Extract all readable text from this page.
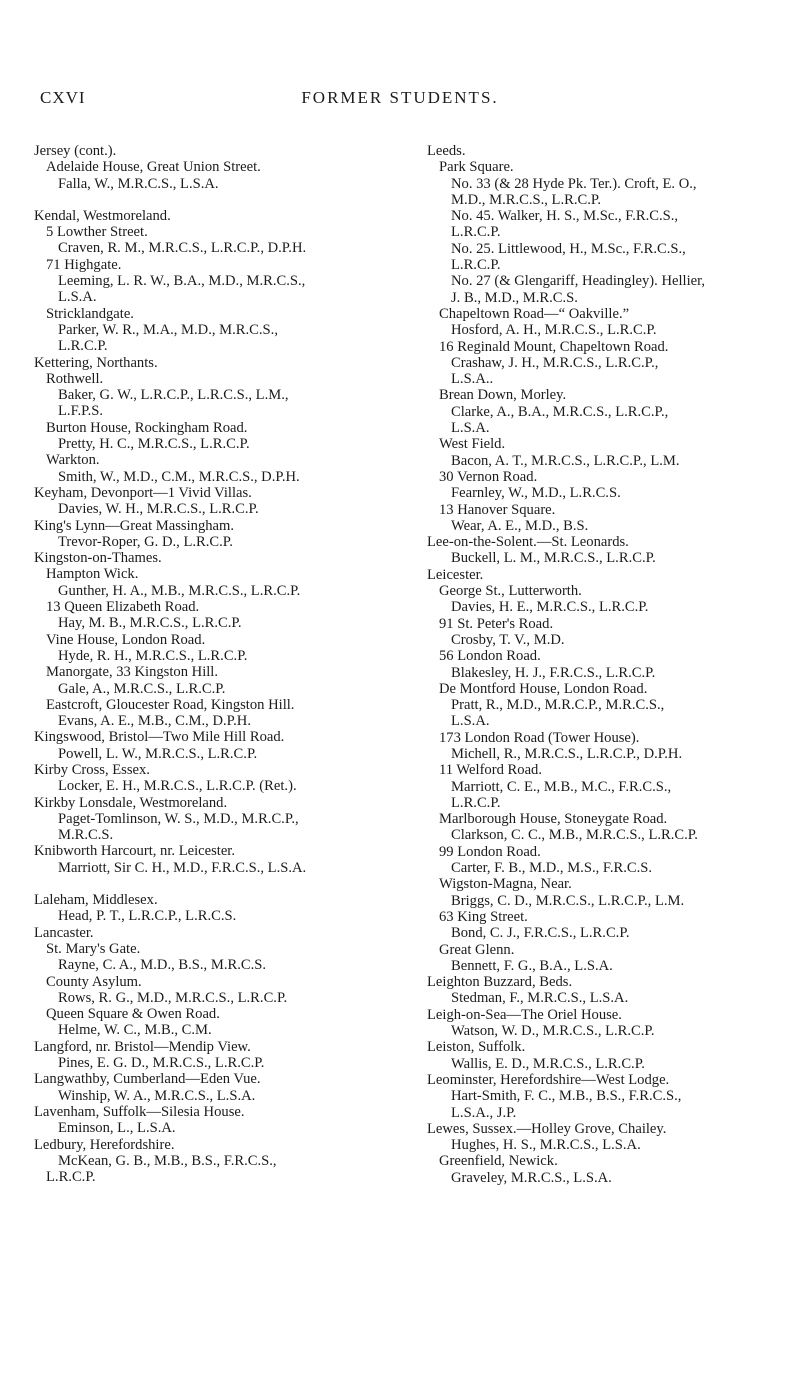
CXVI	FORMER STUDENTS.
Jersey (cont.).
Adelaide House, Great Union Street.
Falla, W., M.R.C.S., L.S.A.
Kendal, Westmoreland.
5 Lowther Street.
Craven, R. M., M.R.C.S., L.R.C.P., D.P.H.
71 Highgate.
Leeming, L. R. W., B.A., M.D., M.R.C.S.,
L.S.A.
Stricklandgate.
Parker, W. R., M.A., M.D., M.R.C.S.,
L.R.C.P.
Kettering, Northants.
Rothwell.
Baker, G. W., L.R.C.P., L.R.C.S., L.M.,
L.F.P.S.
Burton House, Rockingham Road.
Pretty, H. C., M.R.C.S., L.R.C.P.
Warkton.
Smith, W., M.D., C.M., M.R.C.S., D.P.H.
Keyham, Devonport—1 Vivid Villas.
Davies, W. H., M.R.C.S., L.R.C.P.
King's Lynn—Great Massingham.
Trevor-Roper, G. D., L.R.C.P.
Kingston-on-Thames.
Hampton Wick.
Gunther, H. A., M.B., M.R.C.S., L.R.C.P.
13 Queen Elizabeth Road.
Hay, M. B., M.R.C.S., L.R.C.P.
Vine House, London Road.
Hyde, R. H., M.R.C.S., L.R.C.P.
Manorgate, 33 Kingston Hill.
Gale, A., M.R.C.S., L.R.C.P.
Eastcroft, Gloucester Road, Kingston Hill.
Evans, A. E., M.B., C.M., D.P.H.
Kingswood, Bristol—Two Mile Hill Road.
Powell, L. W., M.R.C.S., L.R.C.P.
Kirby Cross, Essex.
Locker, E. H., M.R.C.S., L.R.C.P. (Ret.).
Kirkby Lonsdale, Westmoreland.
Paget-Tomlinson, W. S., M.D., M.R.C.P.,
M.R.C.S.
Knibworth Harcourt, nr. Leicester.
Marriott, Sir C. H., M.D., F.R.C.S., L.S.A.
Laleham, Middlesex.
Head, P. T., L.R.C.P., L.R.C.S.
Lancaster.
St. Mary's Gate.
Rayne, C. A., M.D., B.S., M.R.C.S.
County Asylum.
Rows, R. G., M.D., M.R.C.S., L.R.C.P.
Queen Square & Owen Road.
Helme, W. C., M.B., C.M.
Langford, nr. Bristol—Mendip View.
Pines, E. G. D., M.R.C.S., L.R.C.P.
Langwathby, Cumberland—Eden Vue.
Winship, W. A., M.R.C.S., L.S.A.
Lavenham, Suffolk—Silesia House.
Eminson, L., L.S.A.
Ledbury, Herefordshire.
McKean, G. B., M.B., B.S., F.R.C.S.,
L.R.C.P.
Leeds.
Park Square.
No. 33 (& 28 Hyde Pk. Ter.). Croft, E. O.,
M.D., M.R.C.S., L.R.C.P.
No. 45. Walker, H. S., M.Sc., F.R.C.S.,
L.R.C.P.
No. 25. Littlewood, H., M.Sc., F.R.C.S.,
L.R.C.P.
No. 27 (& Glengariff, Headingley). Hellier,
J. B., M.D., M.R.C.S.
Chapeltown Road—“ Oakville.”
Hosford, A. H., M.R.C.S., L.R.C.P.
16 Reginald Mount, Chapeltown Road.
Crashaw, J. H., M.R.C.S., L.R.C.P.,
L.S.A..
Brean Down, Morley.
Clarke, A., B.A., M.R.C.S., L.R.C.P.,
L.S.A.
West Field.
Bacon, A. T., M.R.C.S., L.R.C.P., L.M.
30 Vernon Road.
Fearnley, W., M.D., L.R.C.S.
13 Hanover Square.
Wear, A. E., M.D., B.S.
Lee-on-the-Solent.—St. Leonards.
Buckell, L. M., M.R.C.S., L.R.C.P.
Leicester.
George St., Lutterworth.
Davies, H. E., M.R.C.S., L.R.C.P.
91 St. Peter's Road.
Crosby, T. V., M.D.
56 London Road.
Blakesley, H. J., F.R.C.S., L.R.C.P.
De Montford House, London Road.
Pratt, R., M.D., M.R.C.P., M.R.C.S.,
L.S.A.
173 London Road (Tower House).
Michell, R., M.R.C.S., L.R.C.P., D.P.H.
11 Welford Road.
Marriott, C. E., M.B., M.C., F.R.C.S.,
L.R.C.P.
Marlborough House, Stoneygate Road.
Clarkson, C. C., M.B., M.R.C.S., L.R.C.P.
99 London Road.
Carter, F. B., M.D., M.S., F.R.C.S.
Wigston-Magna, Near.
Briggs, C. D., M.R.C.S., L.R.C.P., L.M.
63 King Street.
Bond, C. J., F.R.C.S., L.R.C.P.
Great Glenn.
Bennett, F. G., B.A., L.S.A.
Leighton Buzzard, Beds.
Stedman, F., M.R.C.S., L.S.A.
Leigh-on-Sea—The Oriel House.
Watson, W. D., M.R.C.S., L.R.C.P.
Leiston, Suffolk.
Wallis, E. D., M.R.C.S., L.R.C.P.
Leominster, Herefordshire—West Lodge.
Hart-Smith, F. C., M.B., B.S., F.R.C.S.,
L.S.A., J.P.
Lewes, Sussex.—Holley Grove, Chailey.
Hughes, H. S., M.R.C.S., L.S.A.
Greenfield, Newick.
Graveley, M.R.C.S., L.S.A.
